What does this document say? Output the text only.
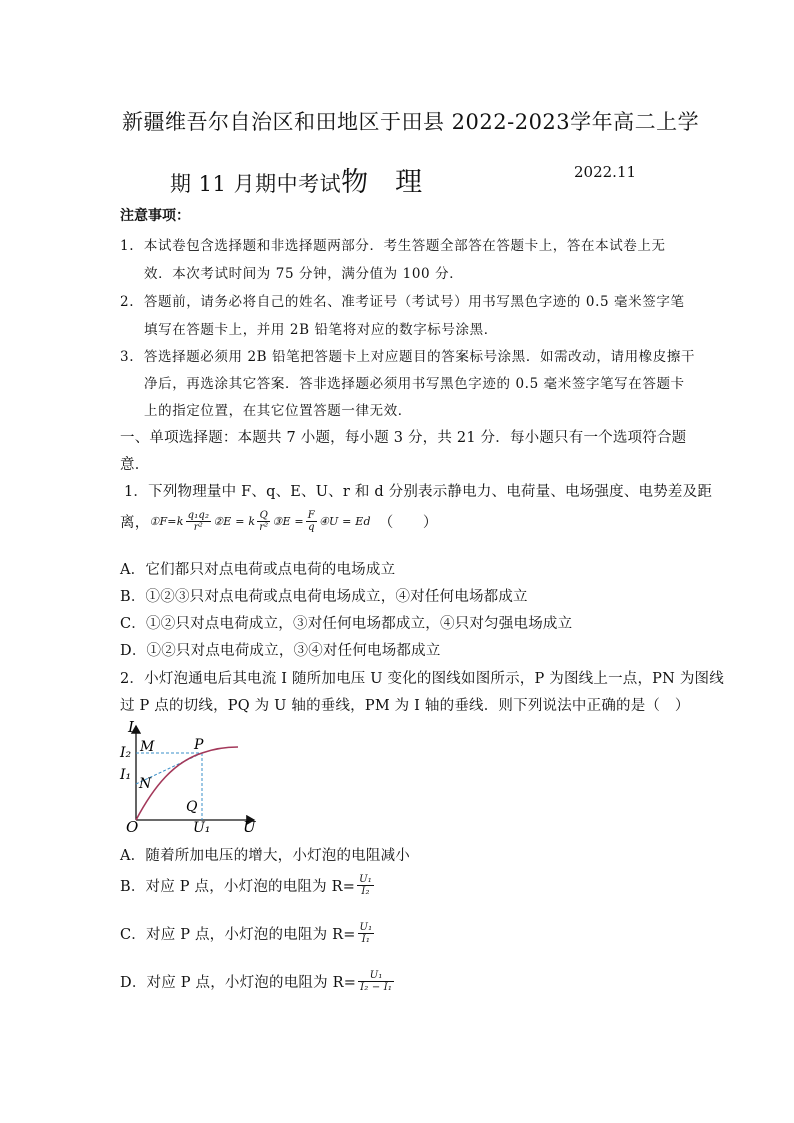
新疆维吾尔自治区和田地区于田县 2022-2023学年高二上学
期 11 月期中考试物　理	2022.11
注意事项：
1. 本试卷包含选择题和非选择题两部分．考生答题全部答在答题卡上，答在本试卷上无
效．本次考试时间为 75 分钟，满分值为 100 分．
2. 答题前，请务必将自己的姓名、准考证号（考试号）用书写黑色字迹的 0.5 毫米签字笔
填写在答题卡上，并用 2B 铅笔将对应的数字标号涂黑．
3. 答选择题必须用 2B 铅笔把答题卡上对应题目的答案标号涂黑．如需改动，请用橡皮擦干
净后，再选涂其它答案．答非选择题必须用书写黑色字迹的 0.5 毫米签字笔写在答题卡
上的指定位置，在其它位置答题一律无效．
一、单项选择题：本题共 7 小题，每小题 3 分，共 21 分．每小题只有一个选项符合题
意．
1．下列物理量中 F、q、E、U、r 和 d 分别表示静电力、电荷量、电场强度、电势差及距
离， ①F=k $\frac{\text{q₁q₂}}{\text{r²}}$ ②E = k $\frac{Q}{\text{r²}}$ ③E = $\frac{F}{q}$ ④U = Ed （　　）
A．它们都只对点电荷或点电荷的电场成立
B．①②③只对点电荷或点电荷电场成立，④对任何电场都成立
C．①②只对点电荷成立，③对任何电场都成立，④只对匀强电场成立
D．①②只对点电荷成立，③④对任何电场都成立
2．小灯泡通电后其电流 I 随所加电压 U 变化的图线如图所示，P 为图线上一点，PN 为图线
过 P 点的切线，PQ 为 U 轴的垂线，PM 为 I 轴的垂线．则下列说法中正确的是（　）
I
U
O
I₂
I₁
M	P
N
Q
U₁
A．随着所加电压的增大，小灯泡的电阻减小
B．对应 P 点，小灯泡的电阻为 $R= \frac{\text{U₁}}{\text{I₂}}$
C．对应 P 点，小灯泡的电阻为 $R= \frac{\text{U₁}}{\text{I₁}}$
D．对应 P 点，小灯泡的电阻为 $R= \frac{\text{U₁}}{\text{I₂ − I₁}}$
